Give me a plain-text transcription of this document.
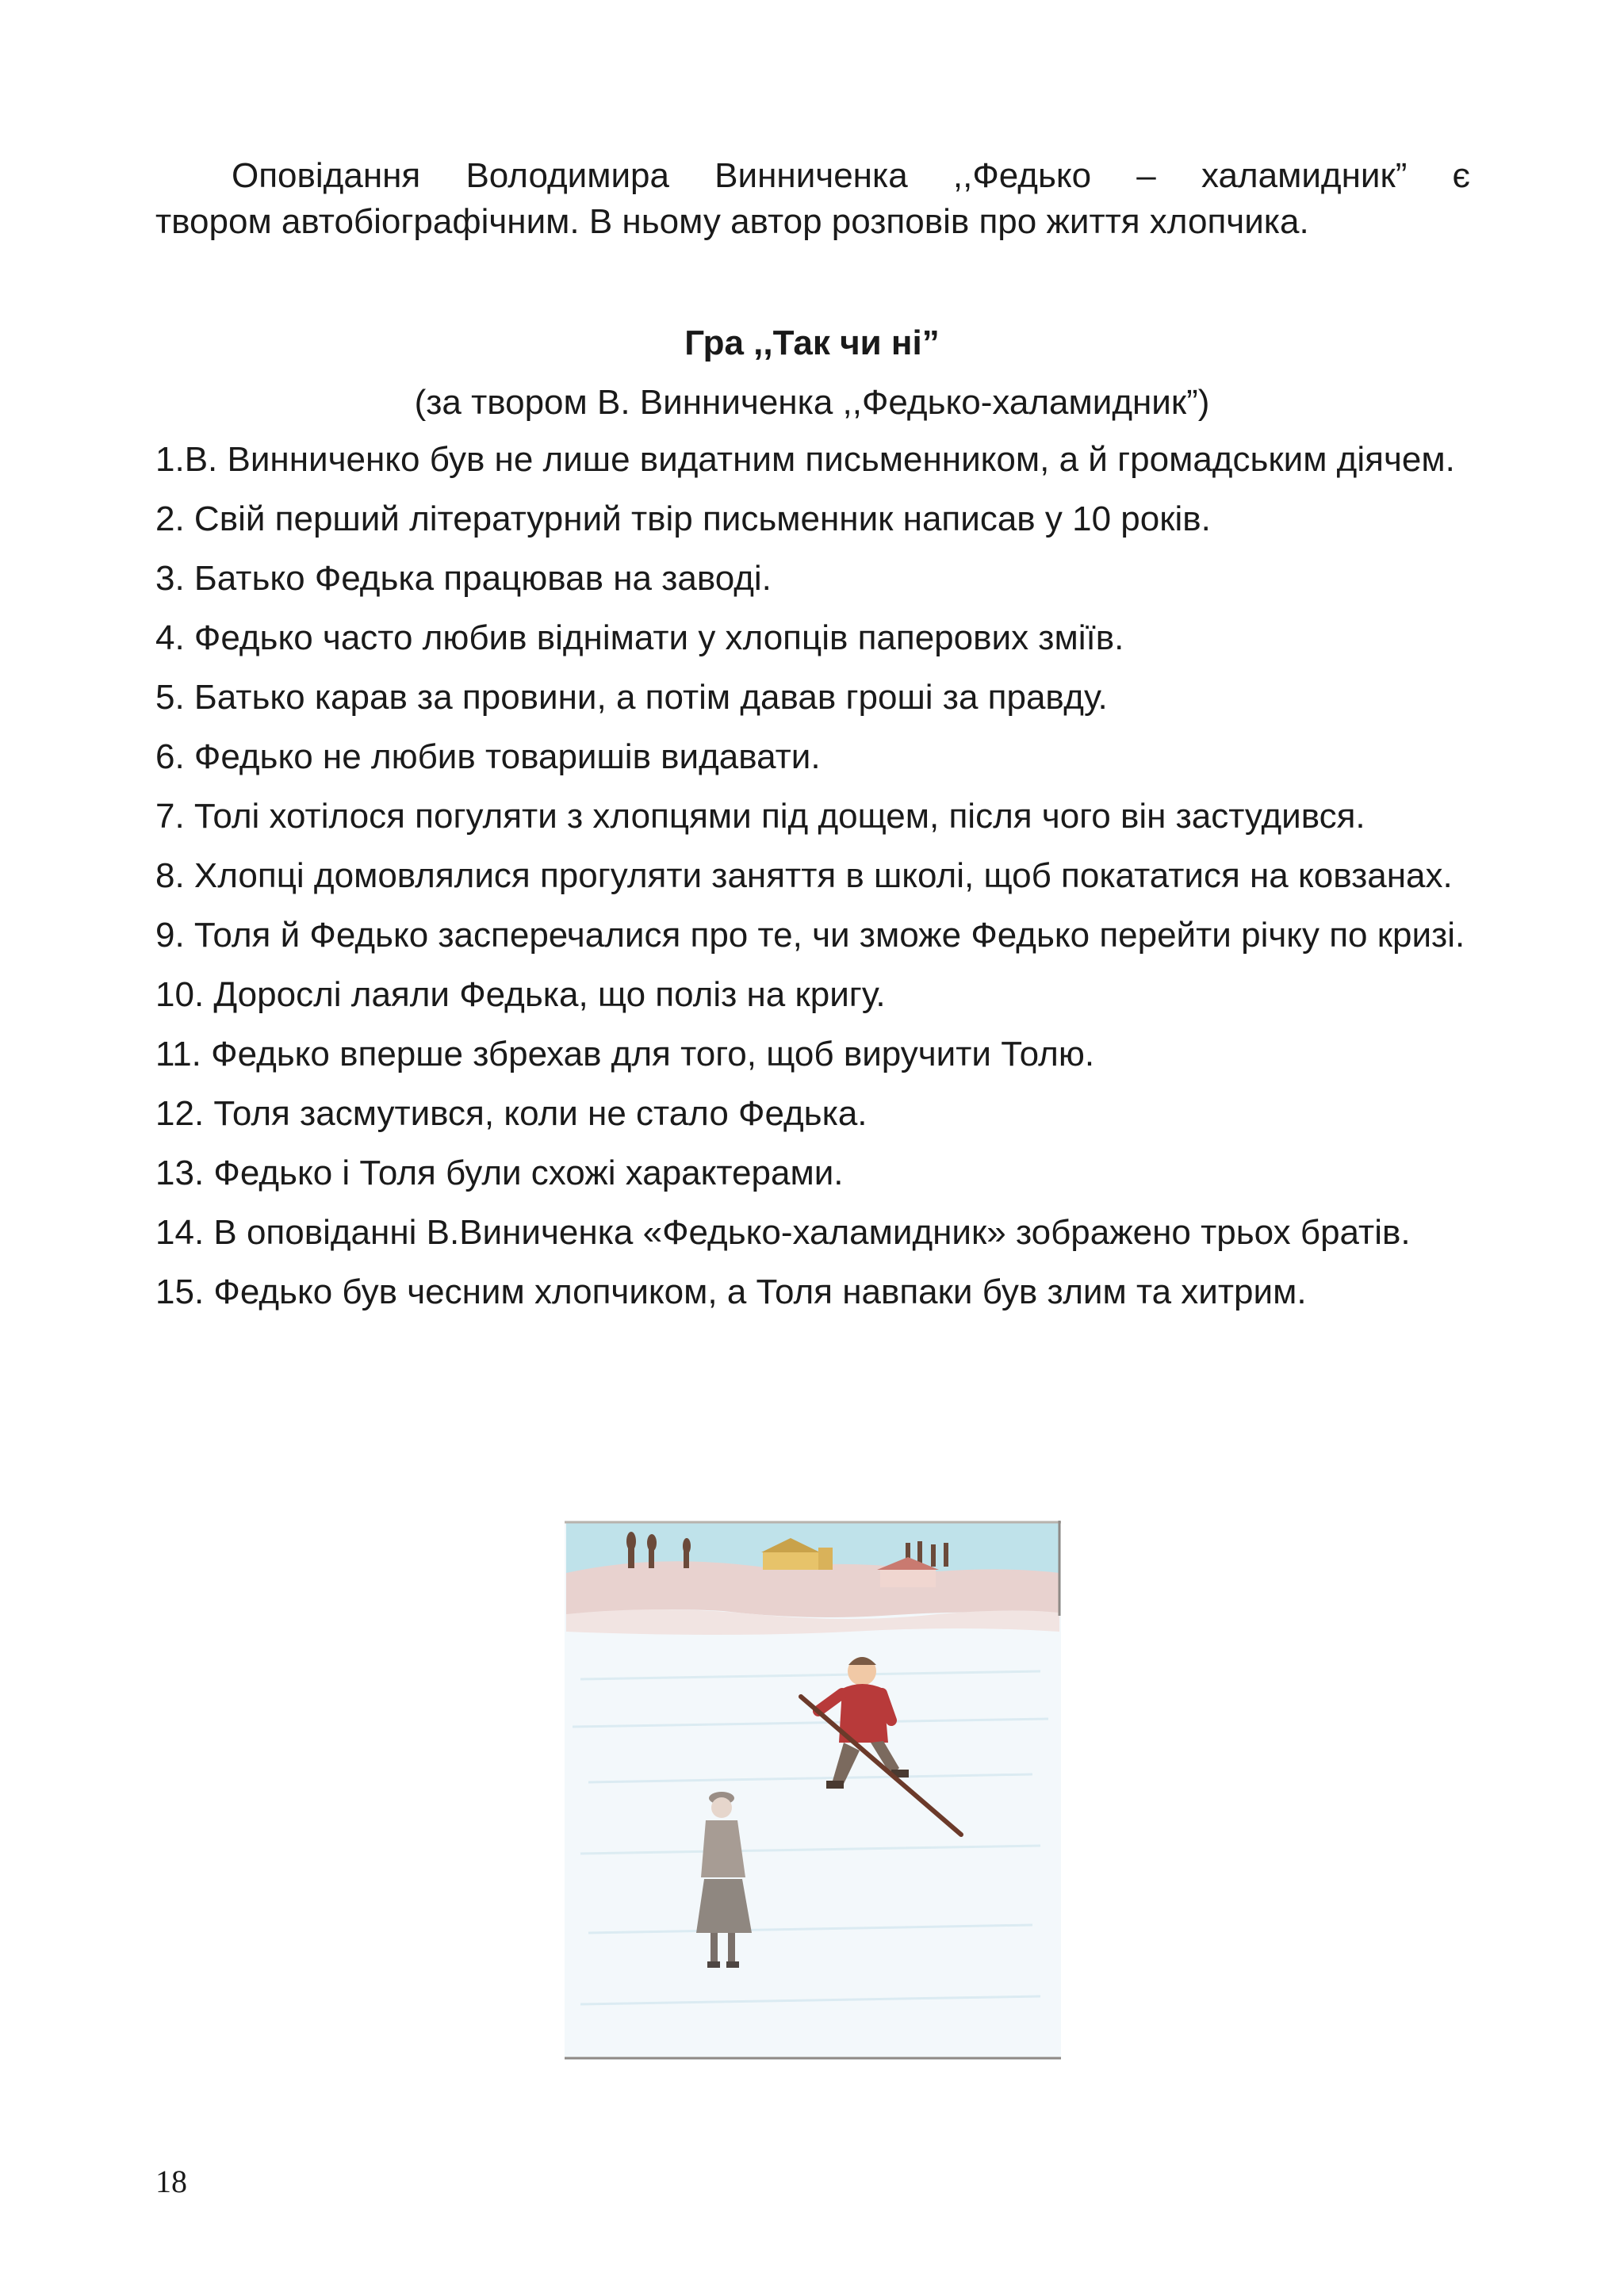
Оповідання Володимира Винниченка ,,Федько – халамидник” є
твором автобіографічним. В ньому автор розповів про життя хлопчика.
Гра ,,Так чи ні”
(за твором В. Винниченка ,,Федько-халамидник”)
1.В. Винниченко був не лише видатним письменником, а й громадським діячем.
2. Свій перший літературний твір письменник написав у 10 років.
3. Батько Федька працював на заводі.
4. Федько часто любив віднімати у хлопців паперових зміїв.
5. Батько карав за провини, а потім давав гроші за правду.
6. Федько не любив товаришів видавати.
7. Толі хотілося погуляти з хлопцями під дощем, після чого він застудився.
8. Хлопці домовлялися прогуляти заняття в школі, щоб покататися на ковзанах.
9. Толя й Федько засперечалися про те, чи зможе Федько перейти річку по кризі.
10. Дорослі лаяли Федька, що поліз на кригу.
11. Федько вперше збрехав для того, щоб виручити Толю.
12. Толя засмутився, коли не стало Федька.
13. Федько і Толя були схожі характерами.
14. В оповіданні В.Виниченка «Федько-халамидник» зображено трьох братів.
15. Федько був чесним хлопчиком, а Толя навпаки був злим та хитрим.
18
